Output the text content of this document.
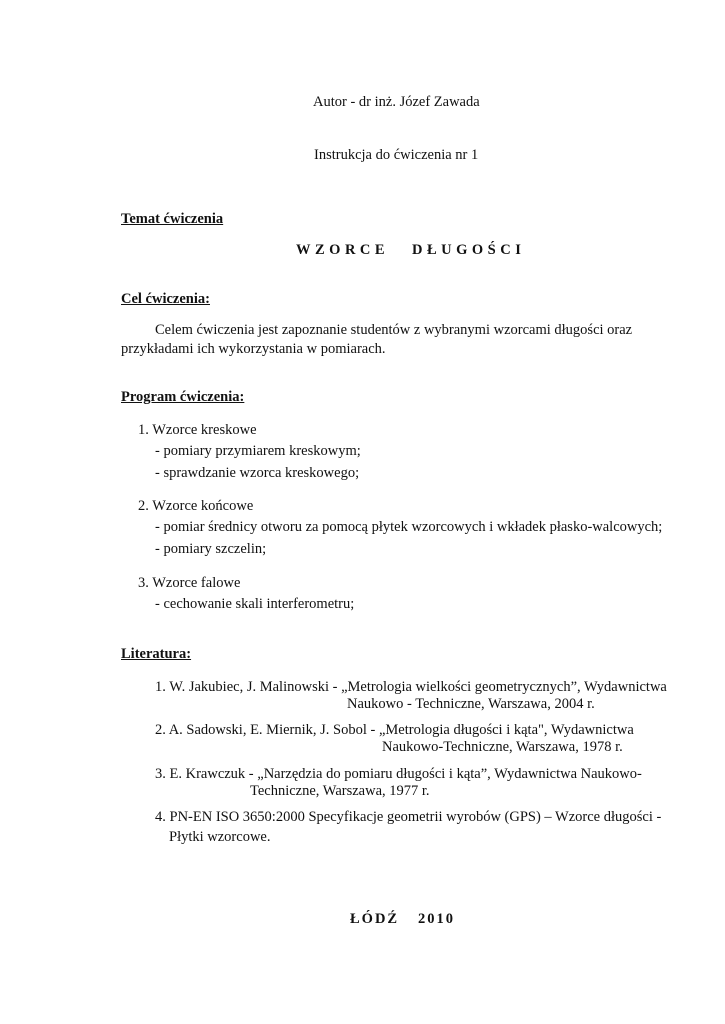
Autor - dr inż. Józef Zawada
Instrukcja do ćwiczenia nr 1
Temat ćwiczenia
WZORCE DŁUGOŚCI
Cel ćwiczenia:
Celem ćwiczenia jest zapoznanie studentów z wybranymi wzorcami długości oraz
przykładami ich wykorzystania w pomiarach.
Program ćwiczenia:
1. Wzorce kreskowe
- pomiary przymiarem kreskowym;
- sprawdzanie wzorca kreskowego;
2. Wzorce końcowe
- pomiar średnicy otworu za pomocą płytek wzorcowych i wkładek płasko-walcowych;
- pomiary szczelin;
3. Wzorce falowe
- cechowanie skali interferometru;
Literatura:
1. W. Jakubiec, J. Malinowski - „Metrologia wielkości geometrycznych”, Wydawnictwa
Naukowo - Techniczne, Warszawa, 2004 r.
2. A. Sadowski, E. Miernik, J. Sobol - „Metrologia długości i kąta", Wydawnictwa
Naukowo-Techniczne, Warszawa, 1978 r.
3. E. Krawczuk - „Narzędzia do pomiaru długości i kąta”, Wydawnictwa Naukowo-
Techniczne, Warszawa, 1977 r.
4. PN-EN ISO 3650:2000 Specyfikacje geometrii wyrobów (GPS) – Wzorce długości -
Płytki wzorcowe.
ŁÓDŹ 2010
